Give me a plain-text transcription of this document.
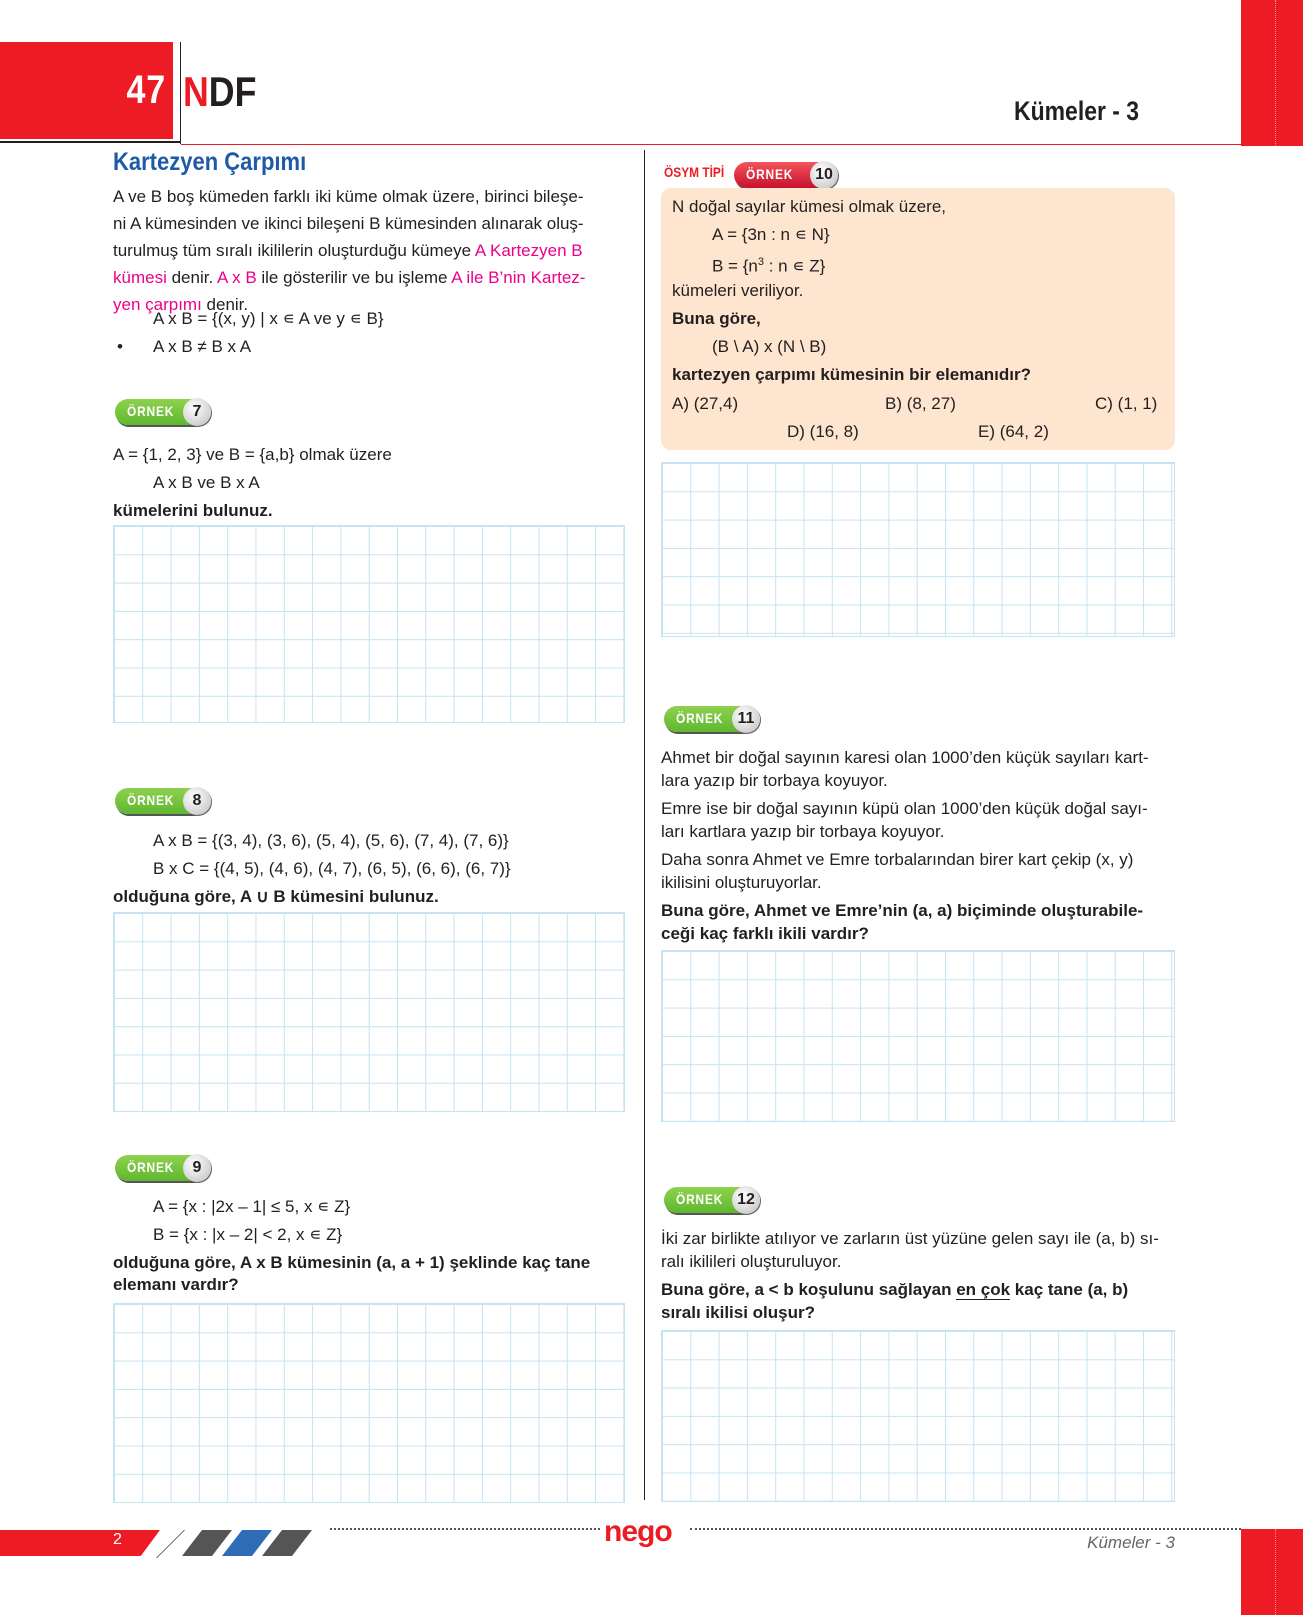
47 NDF	Kümeler - 3
Kartezyen Çarpımı
A ve B boş kümeden farklı iki küme olmak üzere, birinci bileşe-
ni A kümesinden ve ikinci bileşeni B kümesinden alınarak oluş-
turulmuş tüm sıralı ikililerin oluşturduğu kümeye A Kartezyen B
kümesi denir. A x B ile gösterilir ve bu işleme A ile B’nin Kartez-
yen çarpımı denir.
A x B = {(x, y) | x ∊ A ve y ∊ B}
• A x B ≠ B x A
ÖRNEK	7
A = {1, 2, 3} ve B = {a,b} olmak üzere
A x B ve B x A
kümelerini bulunuz.
ÖRNEK	8
A x B = {(3, 4), (3, 6), (5, 4), (5, 6), (7, 4), (7, 6)}
B x C = {(4, 5), (4, 6), (4, 7), (6, 5), (6, 6), (6, 7)}
olduğuna göre, A ∪ B kümesini bulunuz.
ÖRNEK	9
A = {x : |2x – 1| ≤ 5, x ∊ Z}
B = {x : |x – 2| < 2, x ∊ Z}
olduğuna göre, A x B kümesinin (a, a + 1) şeklinde kaç tane
elemanı vardır?
ÖSYM TİPİ ÖRNEK	10
N doğal sayılar kümesi olmak üzere,
A = {3n : n ∊ N}
$B = \{n^3$ : n ∊ Z}
kümeleri veriliyor.
Buna göre,
(B \ A) x (N \ B)
kartezyen çarpımı kümesinin bir elemanıdır?
A) (27,4)	B) (8, 27)	C) (1, 1)
D) (16, 8)	E) (64, 2)
ÖRNEK 11
Ahmet bir doğal sayının karesi olan 1000’den küçük sayıları kart-
lara yazıp bir torbaya koyuyor.
Emre ise bir doğal sayının küpü olan 1000’den küçük doğal sayı-
ları kartlara yazıp bir torbaya koyuyor.
Daha sonra Ahmet ve Emre torbalarından birer kart çekip (x, y)
ikilisini oluşturuyorlar.
Buna göre, Ahmet ve Emre’nin (a, a) biçiminde oluşturabile-
ceği kaç farklı ikili vardır?
ÖRNEK 12
İki zar birlikte atılıyor ve zarların üst yüzüne gelen sayı ile (a, b) sı-
ralı ikilileri oluşturuluyor.
Buna göre, a < b koşulunu sağlayan en çok kaç tane (a, b)
sıralı ikilisi oluşur?
2	nego	Kümeler - 3
